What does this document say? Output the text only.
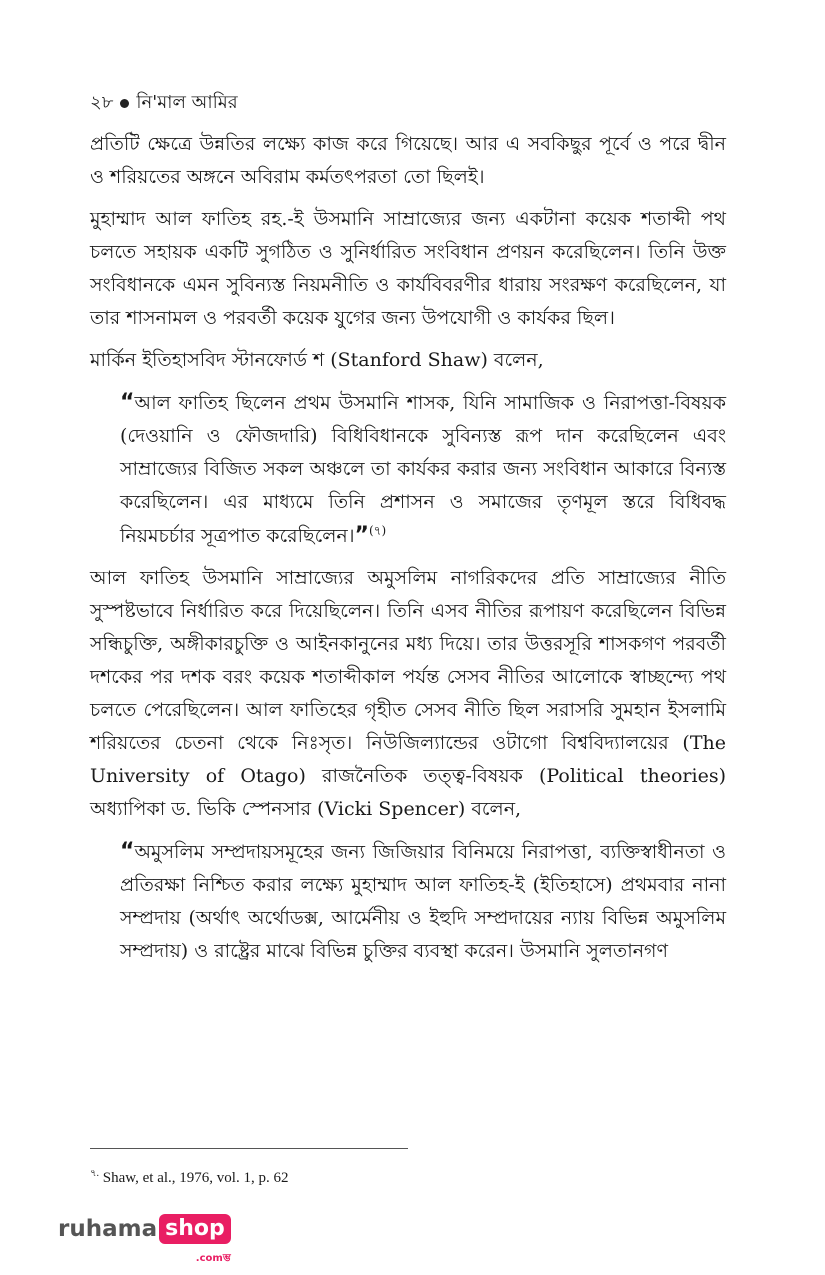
২৮ নি'মাল আমির

প্রতিটি ক্ষেত্রে উন্নতির লক্ষ্যে কাজ করে গিয়েছে। আর এ সবকিছুর পূর্বে ও পরে দ্বীন ও শরিয়তের অঙ্গনে অবিরাম কর্মতৎপরতা তো ছিলই।

মুহাম্মাদ আল ফাতিহ রহ.-ই উসমানি সাম্রাজ্যের জন্য একটানা কয়েক শতাব্দী পথ চলতে সহায়ক একটি সুগঠিত ও সুনির্ধারিত সংবিধান প্রণয়ন করেছিলেন। তিনি উক্ত সংবিধানকে এমন সুবিন্যস্ত নিয়মনীতি ও কার্যবিবরণীর ধারায় সংরক্ষণ করেছিলেন, যা তার শাসনামল ও পরবর্তী কয়েক যুগের জন্য উপযোগী ও কার্যকর ছিল।

মার্কিন ইতিহাসবিদ স্টানফোর্ড শ (Stanford Shaw) বলেন,

“আল ফাতিহ ছিলেন প্রথম উসমানি শাসক, যিনি সামাজিক ও নিরাপত্তা-বিষয়ক (দেওয়ানি ও ফৌজদারি) বিধিবিধানকে সুবিন্যস্ত রূপ দান করেছিলেন এবং সাম্রাজ্যের বিজিত সকল অঞ্চলে তা কার্যকর করার জন্য সংবিধান আকারে বিন্যস্ত করেছিলেন। এর মাধ্যমে তিনি প্রশাসন ও সমাজের তৃণমূল স্তরে বিধিবদ্ধ নিয়মচর্চার সূত্রপাত করেছিলেন।”$^{(৭)}$

আল ফাতিহ উসমানি সাম্রাজ্যের অমুসলিম নাগরিকদের প্রতি সাম্রাজ্যের নীতি সুস্পষ্টভাবে নির্ধারিত করে দিয়েছিলেন। তিনি এসব নীতির রূপায়ণ করেছিলেন বিভিন্ন সন্ধিচুক্তি, অঙ্গীকারচুক্তি ও আইনকানুনের মধ্য দিয়ে। তার উত্তরসূরি শাসকগণ পরবর্তী দশকের পর দশক বরং কয়েক শতাব্দীকাল পর্যন্ত সেসব নীতির আলোকে স্বাচ্ছন্দ্যে পথ চলতে পেরেছিলেন। আল ফাতিহের গৃহীত সেসব নীতি ছিল সরাসরি সুমহান ইসলামি শরিয়তের চেতনা থেকে নিঃসৃত। নিউজিল্যান্ডের ওটাগো বিশ্ববিদ্যালয়ের (The University of Otago) রাজনৈতিক তত্ত্ব-বিষয়ক (Political theories) অধ্যাপিকা ড. ভিকি স্পেনসার (Vicki Spencer) বলেন,

“অমুসলিম সম্প্রদায়সমূহের জন্য জিজিয়ার বিনিময়ে নিরাপত্তা, ব্যক্তিস্বাধীনতা ও প্রতিরক্ষা নিশ্চিত করার লক্ষ্যে মুহাম্মাদ আল ফাতিহ-ই (ইতিহাসে) প্রথমবার নানা সম্প্রদায় (অর্থাৎ অর্থোডক্স, আর্মেনীয় ও ইহুদি সম্প্রদায়ের ন্যায় বিভিন্ন অমুসলিম সম্প্রদায়) ও রাষ্ট্রের মাঝে বিভিন্ন চুক্তির ব্যবস্থা করেন। উসমানি সুলতানগণ
$^{৭.}$ Shaw, et al., 1976, vol. 1, p. 62
ruhama shop
.comম্ভ
